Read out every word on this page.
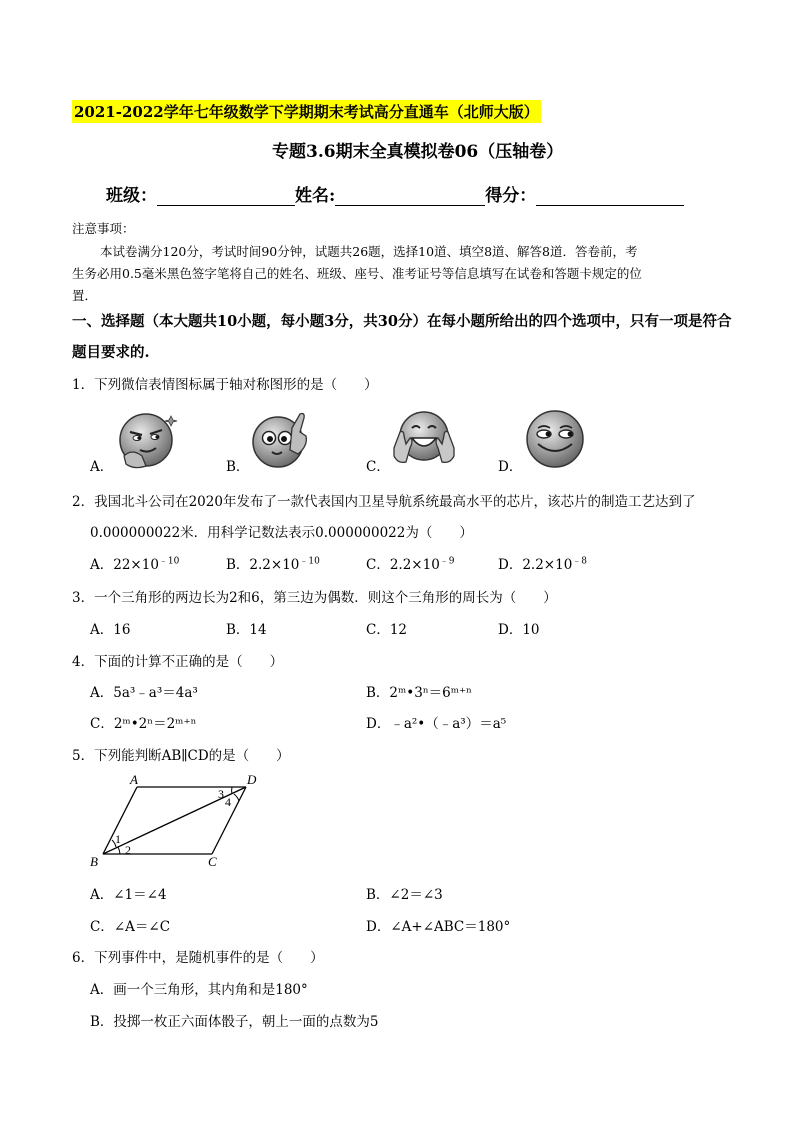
2021-2022学年七年级数学下学期期末考试高分直通车（北师大版）
专题3.6期末全真模拟卷06（压轴卷）
班级：	姓名:	得分：
注意事项：
本试卷满分120分，考试时间90分钟，试题共26题，选择10道、填空8道、解答8道．答卷前，考
生务必用0.5毫米黑色签字笔将自己的姓名、班级、座号、准考证号等信息填写在试卷和答题卡规定的位
置．
一、选择题（本大题共10小题，每小题3分，共30分）在每小题所给出的四个选项中，只有一项是符合
题目要求的.
1．下列微信表情图标属于轴对称图形的是（　　）
A．	B．	C．	D．
2．我国北斗公司在2020年发布了一款代表国内卫星导航系统最高水平的芯片，该芯片的制造工艺达到了
0.000000022米．用科学记数法表示0.000000022为（　　）
A．$22\times 10^{﹣10}$	B．$2.2\times 10^{﹣10}$	C．$2.2\times 10^{﹣9}$	D．$2.2\times 10^{﹣8}$
3．一个三角形的两边长为2和6，第三边为偶数．则这个三角形的周长为（　　）
A．16	B．14	C．12	D．10
4．下面的计算不正确的是（　　）
A．5a³﹣a³＝4a³	B．2ᵐ•3ⁿ＝6ᵐ⁺ⁿ
C．2ᵐ•2ⁿ＝2ᵐ⁺ⁿ	D．﹣a²•（﹣a³）＝a⁵
5．下列能判断AB∥CD的是（　　）
A
B	C
D
1
2
3
4
A．∠1＝∠4	B．∠2＝∠3
C．∠A＝∠C	D．∠A+∠ABC＝180°
6．下列事件中，是随机事件的是（　　）
A．画一个三角形，其内角和是180°
B．投掷一枚正六面体骰子，朝上一面的点数为5
